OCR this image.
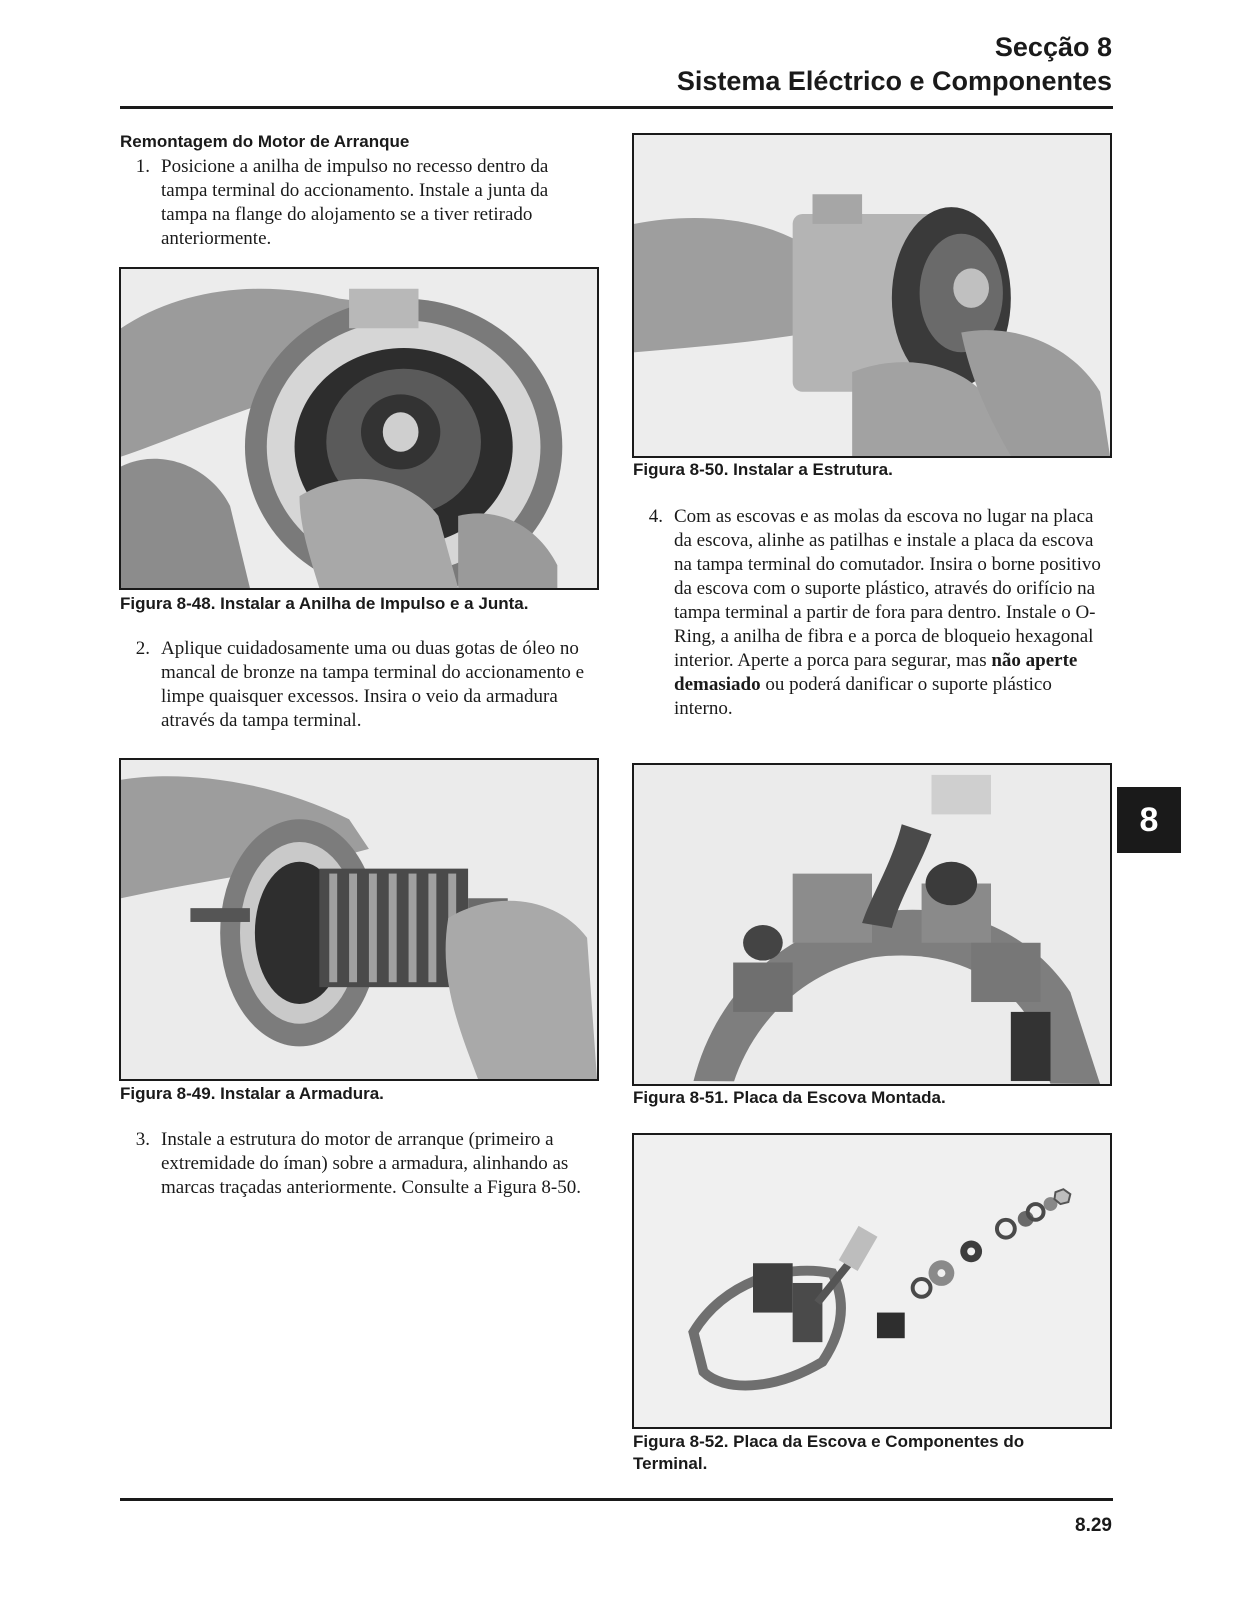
Secção 8
Sistema Eléctrico e Componentes
Remontagem do Motor de Arranque
1. Posicione a anilha de impulso no recesso dentro da tampa terminal do accionamento. Instale a junta da tampa na flange do alojamento se a tiver retirado anteriormente.
Figura 8-48. Instalar a Anilha de Impulso e a Junta.
2. Aplique cuidadosamente uma ou duas gotas de óleo no mancal de bronze na tampa terminal do accionamento e limpe quaisquer excessos. Insira o veio da armadura através da tampa terminal.
Figura 8-49. Instalar a Armadura.
3. Instale a estrutura do motor de arranque (primeiro a extremidade do íman) sobre a armadura, alinhando as marcas traçadas anteriormente. Consulte a Figura 8-50.
Figura 8-50. Instalar a Estrutura.
4. Com as escovas e as molas da escova no lugar na placa da escova, alinhe as patilhas e instale a placa da escova na tampa terminal do comutador. Insira o borne positivo da escova com o suporte plástico, através do orifício na tampa terminal a partir de fora para dentro. Instale o O-Ring, a anilha de fibra e a porca de bloqueio hexagonal interior. Aperte a porca para segurar, mas não aperte demasiado ou poderá danificar o suporte plástico interno.
Figura 8-51. Placa da Escova Montada.
Figura 8-52. Placa da Escova e Componentes do Terminal.
8
8.29
